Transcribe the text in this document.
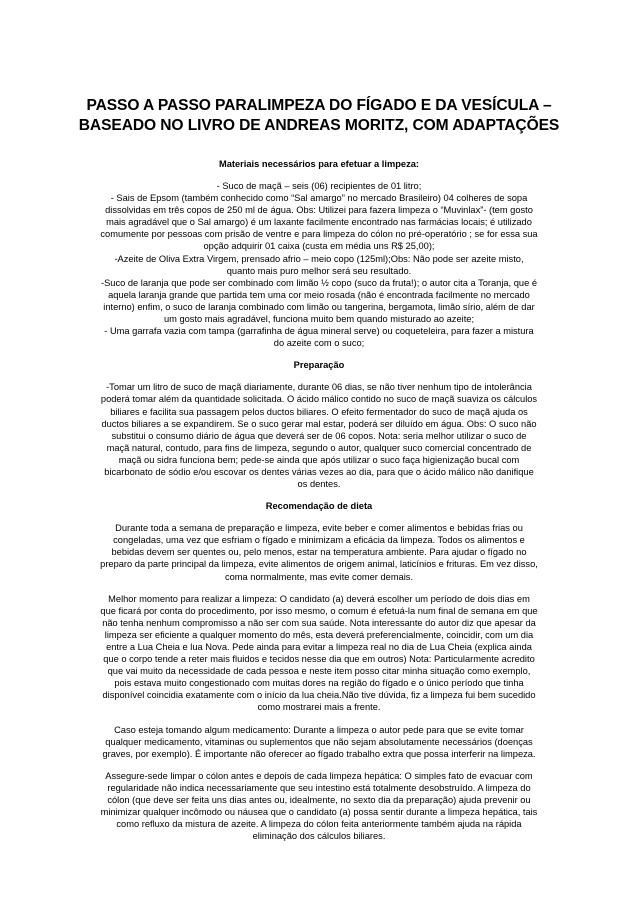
PASSO A PASSO PARALIMPEZA DO FÍGADO E DA VESÍCULA –
BASEADO NO LIVRO DE ANDREAS MORITZ, COM ADAPTAÇÕES
Materiais necessários para efetuar a limpeza:
- Suco de maçã – seis (06) recipientes de 01 litro;
- Sais de Epsom (também conhecido como “Sal amargo” no mercado Brasileiro) 04 colheres de sopa
dissolvidas em três copos de 250 ml de água. Obs: Utilizei para fazera limpeza o “Muvinlax”- (tem gosto
mais agradável que o Sal amargo) é um laxante facilmente encontrado nas farmácias locais; é utilizado
comumente por pessoas com prisão de ventre e para limpeza do cólon no pré-operatório ; se for essa sua
opção adquirir 01 caixa (custa em média uns R$ 25,00);
-Azeite de Oliva Extra Virgem, prensado afrio – meio copo (125ml);Obs: Não pode ser azeite misto,
quanto mais puro melhor será seu resultado.
-Suco de laranja que pode ser combinado com limão ½ copo (suco da fruta!); o autor cita a Toranja, que é
aquela laranja grande que partida tem uma cor meio rosada (não é encontrada facilmente no mercado
interno) enfim, o suco de laranja combinado com limão ou tangerina, bergamota, limão sírio, além de dar
um gosto mais agradável, funciona muito bem quando misturado ao azeite;
- Uma garrafa vazia com tampa (garrafinha de água mineral serve) ou coqueteleira, para fazer a mistura
do azeite com o suco;
Preparação
-Tomar um litro de suco de maçã diariamente, durante 06 dias, se não tiver nenhum tipo de intolerância
poderá tomar além da quantidade solicitada. O ácido málico contido no suco de maçã suaviza os cálculos
biliares e facilita sua passagem pelos ductos biliares. O efeito fermentador do suco de maçã ajuda os
ductos biliares a se expandirem. Se o suco gerar mal estar, poderá ser diluído em água. Obs: O suco não
substitui o consumo diário de água que deverá ser de 06 copos. Nota: seria melhor utilizar o suco de
maçã natural, contudo, para fins de limpeza, segundo o autor, qualquer suco comercial concentrado de
maçã ou sidra funciona bem; pede-se ainda que após utilizar o suco faça higienização bucal com
bicarbonato de sódio e/ou escovar os dentes várias vezes ao dia, para que o ácido málico não danifique
os dentes.
Recomendação de dieta
Durante toda a semana de preparação e limpeza, evite beber e comer alimentos e bebidas frias ou
congeladas, uma vez que esfriam o fígado e minimizam a eficácia da limpeza. Todos os alimentos e
bebidas devem ser quentes ou, pelo menos, estar na temperatura ambiente. Para ajudar o fígado no
preparo da parte principal da limpeza, evite alimentos de origem animal, laticínios e frituras. Em vez disso,
coma normalmente, mas evite comer demais.
Melhor momento para realizar a limpeza: O candidato (a) deverá escolher um período de dois dias em
que ficará por conta do procedimento, por isso mesmo, o comum é efetuá-la num final de semana em que
não tenha nenhum compromisso a não ser com sua saúde. Nota interessante do autor diz que apesar da
limpeza ser eficiente a qualquer momento do mês, esta deverá preferencialmente, coincidir, com um dia
entre a Lua Cheia e lua Nova. Pede ainda para evitar a limpeza real no dia de Lua Cheia (explica ainda
que o corpo tende a reter mais fluidos e tecidos nesse dia que em outros) Nota: Particularmente acredito
que vai muito da necessidade de cada pessoa e neste item posso citar minha situação como exemplo,
pois estava muito congestionado com muitas dores na região do fígado e o único período que tinha
disponível coincidia exatamente com o início da lua cheia.Não tive dúvida, fiz a limpeza fui bem sucedido
como mostrarei mais a frente.
Caso esteja tomando algum medicamento: Durante a limpeza o autor pede para que se evite tomar
qualquer medicamento, vitaminas ou suplementos que não sejam absolutamente necessários (doenças
graves, por exemplo). É importante não oferecer ao fígado trabalho extra que possa interferir na limpeza.
Assegure-sede limpar o cólon antes e depois de cada limpeza hepática: O simples fato de evacuar com
regularidade não indica necessariamente que seu intestino está totalmente desobstruído. A limpeza do
cólon (que deve ser feita uns dias antes ou, idealmente, no sexto dia da preparação) ajuda prevenir ou
minimizar qualquer incômodo ou náusea que o candidato (a) possa sentir durante a limpeza hepática, tais
como refluxo da mistura de azeite. A limpeza do cólon feita anteriormente também ajuda na rápida
eliminação dos cálculos biliares.
